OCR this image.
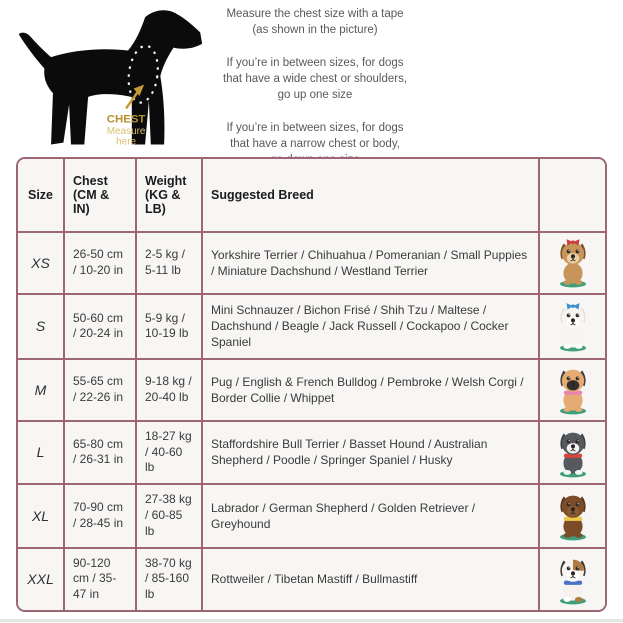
CHEST
Measure
here

Measure the chest size with a tape
(as shown in the picture)

If you’re in between sizes, for dogs
that have a wide chest or shoulders,
go up one size

If you’re in between sizes, for dogs
that have a narrow chest or body,

Size	Chest (CM & IN)	Weight (KG & LB)	Suggested Breed	
XS	26-50 cm / 10-20 in	2-5 kg / 5-11 lb	Yorkshire Terrier / Chihuahua / Pomeranian / Small Puppies / Miniature Dachshund / Westland Terrier	

S	50-60 cm / 20-24 in	5-9 kg / 10-19 lb	Mini Schnauzer / Bichon Frisé / Shih Tzu / Maltese / Dachshund / Beagle / Jack Russell / Cockapoo / Cocker Spaniel	

M	55-65 cm / 22-26 in	9-18 kg / 20-40 lb	Pug / English & French Bulldog / Pembroke / Welsh Corgi / Border Collie / Whippet	

L	65-80 cm / 26-31 in	18-27 kg / 40-60 lb	Staffordshire Bull Terrier / Basset Hound / Australian Shepherd / Poodle / Springer Spaniel / Husky	

XL	70-90 cm / 28-45 in	27-38 kg / 60-85 lb	Labrador / German Shepherd / Golden Retriever / Greyhound	

XXL	90-120 cm / 35-47 in	38-70 kg / 85-160 lb	Rottweiler / Tibetan Mastiff / Bullmastiff	
